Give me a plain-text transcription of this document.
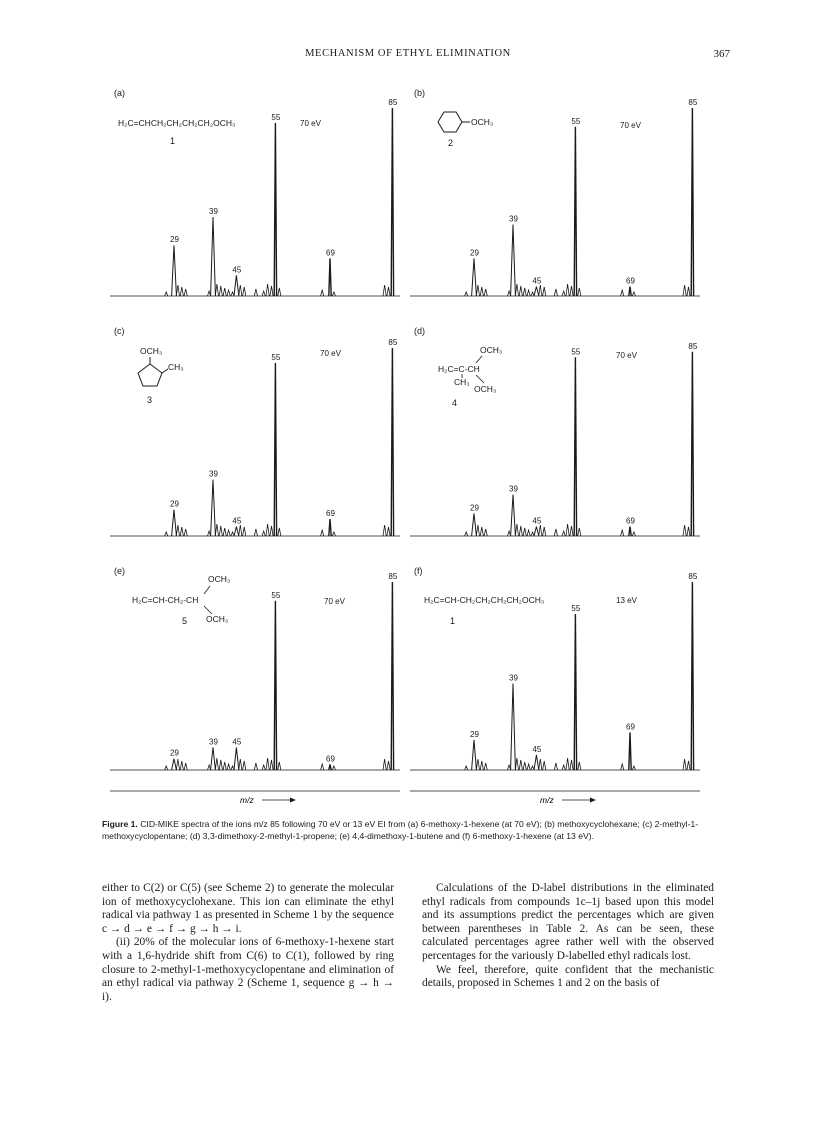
MECHANISM OF ETHYL ELIMINATION	367
(a)
H₂C=CHCH₂CH₂CH₂CH₂OCH₃
1
70 eV
29
39
45
55
69
85
(b)
OCH₃
2
70 eV
29
39
45
55
69
85
(c)
OCH₃
CH₃
3
70 eV
29
39
45
55
69
85
(d)
OCH₃
H₂C=C-CH
CH₃
OCH₃
4
70 eV
29
39
45
55
69
85
(e)
OCH₃
H₂C=CH-CH₂-CH
OCH₃
5
70 eV
29
39 45
55
69
85
(f)
H₂C=CH-CH₂CH₂CH₂CH₂OCH₃
1
13 eV
29
39
45
55
69
85
m/z	m/z
Figure 1. CID-MIKE spectra of the ions m/z 85 following 70 eV or 13 eV EI from (a) 6-methoxy-1-hexene (at 70 eV); (b) methoxycyclohexane; (c) 2-methyl-1-methoxycyclopentane; (d) 3,3-dimethoxy-2-methyl-1-propene; (e) 4,4-dimethoxy-1-butene and (f) 6-methoxy-1-hexene (at 13 eV).

either to C(2) or C(5) (see Scheme 2) to generate the molecular ion of methoxycyclohexane. This ion can eliminate the ethyl radical via pathway 1 as presented in Scheme 1 by the sequence c → d → e → f → g → h → i.

(ii) 20% of the molecular ions of 6-methoxy-1-hexene start with a 1,6-hydride shift from C(6) to C(1), followed by ring closure to 2-methyl-1-methoxycyclopentane and elimination of an ethyl radical via pathway 2 (Scheme 1, sequence g → h → i).

Calculations of the D-label distributions in the eliminated ethyl radicals from compounds 1c–1j based upon this model and its assumptions predict the percentages which are given between parentheses in Table 2. As can be seen, these calculated percentages agree rather well with the observed percentages for the variously D-labelled ethyl radicals lost.

We feel, therefore, quite confident that the mechanistic details, proposed in Schemes 1 and 2 on the basis of
